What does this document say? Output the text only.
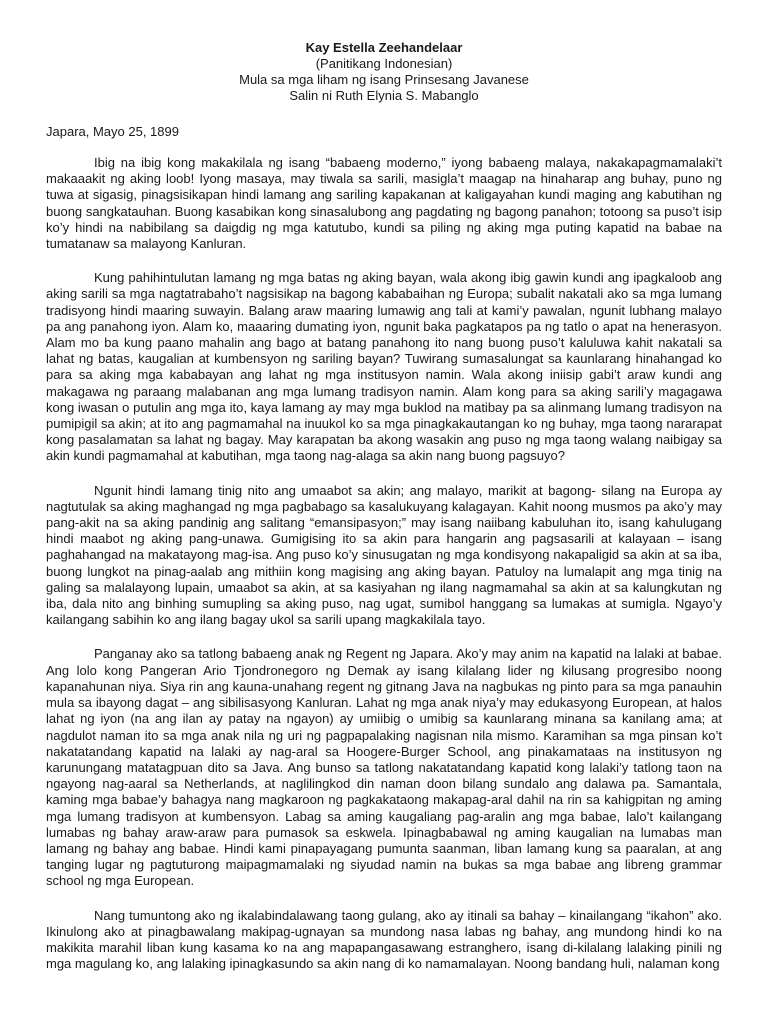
Kay Estella Zeehandelaar
(Panitikang Indonesian)
Mula sa mga liham ng isang Prinsesang Javanese
Salin ni Ruth Elynia S. Mabanglo
Japara, Mayo 25, 1899

Ibig na ibig kong makakilala ng isang “babaeng moderno,” iyong babaeng malaya, nakakapagmamalaki’t makaaakit ng aking loob! Iyong masaya, may tiwala sa sarili, masigla’t maagap na hinaharap ang buhay, puno ng tuwa at sigasig, pinagsisikapan hindi lamang ang sariling kapakanan at kaligayahan kundi maging ang kabutihan ng buong sangkatauhan. Buong kasabikan kong sinasalubong ang pagdating ng bagong panahon; totoong sa puso’t isip ko’y hindi na nabibilang sa daigdig ng mga katutubo, kundi sa piling ng aking mga puting kapatid na babae na tumatanaw sa malayong Kanluran.

Kung pahihintulutan lamang ng mga batas ng aking bayan, wala akong ibig gawin kundi ang ipagkaloob ang aking sarili sa mga nagtatrabaho’t nagsisikap na bagong kababaihan ng Europa; subalit nakatali ako sa mga lumang tradisyong hindi maaring suwayin. Balang araw maaring lumawig ang tali at kami’y pawalan, ngunit lubhang malayo pa ang panahong iyon. Alam ko, maaaring dumating iyon, ngunit baka pagkatapos pa ng tatlo o apat na henerasyon. Alam mo ba kung paano mahalin ang bago at batang panahong ito nang buong puso’t kaluluwa kahit nakatali sa lahat ng batas, kaugalian at kumbensyon ng sariling bayan? Tuwirang sumasalungat sa kaunlarang hinahangad ko para sa aking mga kababayan ang lahat ng mga institusyon namin. Wala akong iniisip gabi’t araw kundi ang makagawa ng paraang malabanan ang mga lumang tradisyon namin. Alam kong para sa aking sarili’y magagawa kong iwasan o putulin ang mga ito, kaya lamang ay may mga buklod na matibay pa sa alinmang lumang tradisyon na pumipigil sa akin; at ito ang pagmamahal na inuukol ko sa mga pinagkakautangan ko ng buhay, mga taong nararapat kong pasalamatan sa lahat ng bagay. May karapatan ba akong wasakin ang puso ng mga taong walang naibigay sa akin kundi pagmamahal at kabutihan, mga taong nag-alaga sa akin nang buong pagsuyo?

Ngunit hindi lamang tinig nito ang umaabot sa akin; ang malayo, marikit at bagong- silang na Europa ay nagtutulak sa aking maghangad ng mga pagbabago sa kasalukuyang kalagayan. Kahit noong musmos pa ako’y may pang-akit na sa aking pandinig ang salitang “emansipasyon;” may isang naiibang kabuluhan ito, isang kahulugang hindi maabot ng aking pang-unawa. Gumigising ito sa akin para hangarin ang pagsasarili at kalayaan – isang paghahangad na makatayong mag-isa. Ang puso ko’y sinusugatan ng mga kondisyong nakapaligid sa akin at sa iba, buong lungkot na pinag-aalab ang mithiin kong magising ang aking bayan. Patuloy na lumalapit ang mga tinig na galing sa malalayong lupain, umaabot sa akin, at sa kasiyahan ng ilang nagmamahal sa akin at sa kalungkutan ng iba, dala nito ang binhing sumupling sa aking puso, nag ugat, sumibol hanggang sa lumakas at sumigla. Ngayo’y kailangang sabihin ko ang ilang bagay ukol sa sarili upang magkakilala tayo.

Panganay ako sa tatlong babaeng anak ng Regent ng Japara. Ako’y may anim na kapatid na lalaki at babae. Ang lolo kong Pangeran Ario Tjondronegoro ng Demak ay isang kilalang lider ng kilusang progresibo noong kapanahunan niya. Siya rin ang kauna-unahang regent ng gitnang Java na nagbukas ng pinto para sa mga panauhin mula sa ibayong dagat – ang sibilisasyong Kanluran. Lahat ng mga anak niya’y may edukasyong European, at halos lahat ng iyon (na ang ilan ay patay na ngayon) ay umiibig o umibig sa kaunlarang minana sa kanilang ama; at nagdulot naman ito sa mga anak nila ng uri ng pagpapalaking nagisnan nila mismo. Karamihan sa mga pinsan ko’t nakatatandang kapatid na lalaki ay nag-aral sa Hoogere-Burger School, ang pinakamataas na institusyon ng karunungang matatagpuan dito sa Java. Ang bunso sa tatlong nakatatandang kapatid kong lalaki’y tatlong taon na ngayong nag-aaral sa Netherlands, at naglilingkod din naman doon bilang sundalo ang dalawa pa. Samantala, kaming mga babae’y bahagya nang magkaroon ng pagkakataong makapag-aral dahil na rin sa kahigpitan ng aming mga lumang tradisyon at kumbensyon. Labag sa aming kaugaliang pag-aralin ang mga babae, lalo’t kailangang lumabas ng bahay araw-araw para pumasok sa eskwela. Ipinagbabawal ng aming kaugalian na lumabas man lamang ng bahay ang babae. Hindi kami pinapayagang pumunta saanman, liban lamang kung sa paaralan, at ang tanging lugar ng pagtuturong maipagmamalaki ng siyudad namin na bukas sa mga babae ang libreng grammar school ng mga European.

Nang tumuntong ako ng ikalabindalawang taong gulang, ako ay itinali sa bahay – kinailangang “ikahon” ako. Ikinulong ako at pinagbawalang makipag-ugnayan sa mundong nasa labas ng bahay, ang mundong hindi ko na makikita marahil liban kung kasama ko na ang mapapangasawang estranghero, isang di-kilalang lalaking pinili ng mga magulang ko, ang lalaking ipinagkasundo sa akin nang di ko namamalayan. Noong bandang huli, nalaman kong
